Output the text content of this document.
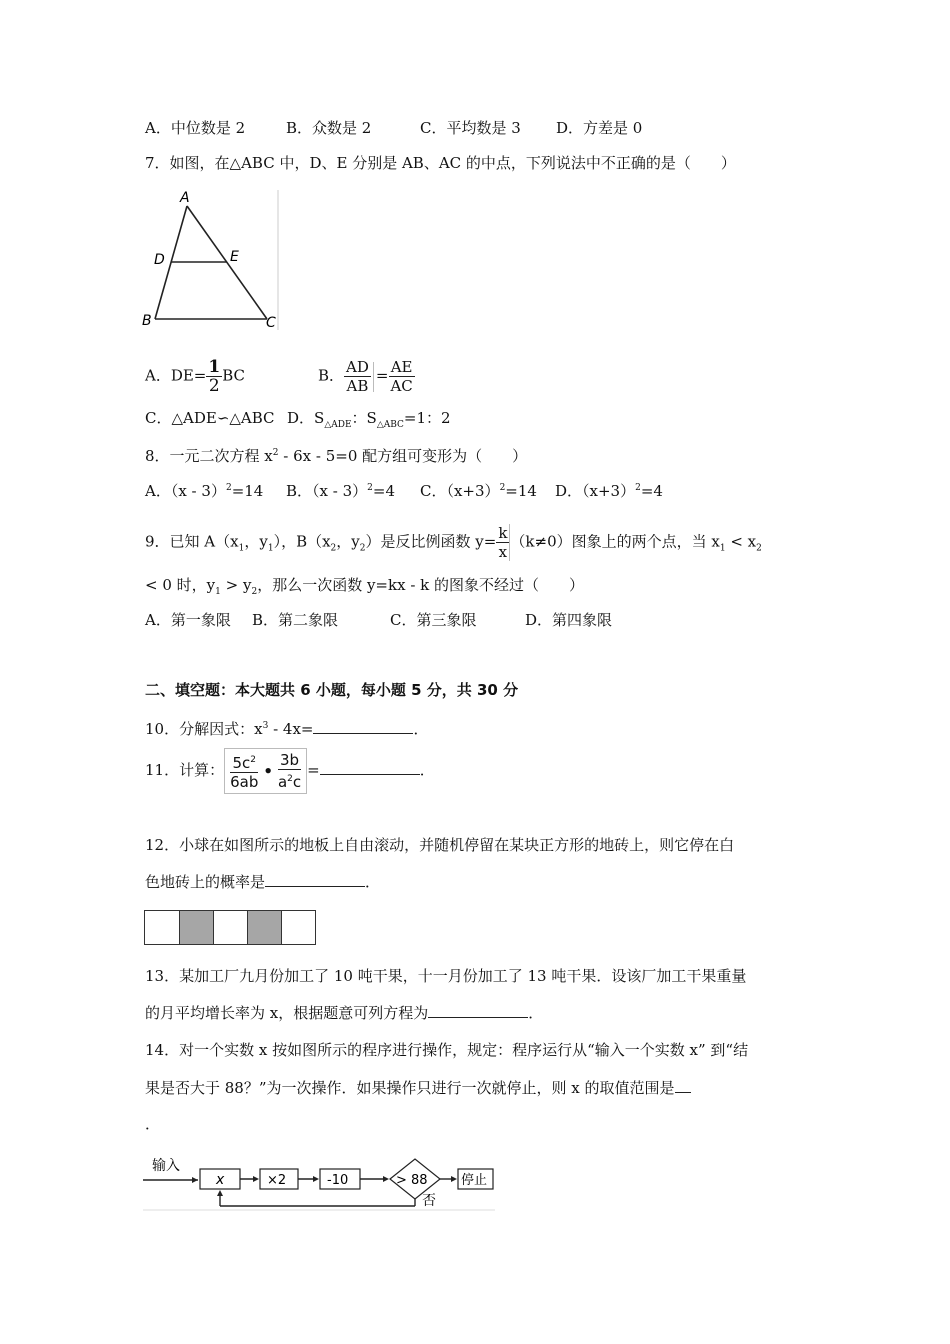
A．中位数是 2	B．众数是 2	C．平均数是 3 D．方差是 0
7．如图，在△ABC 中，D、E 分别是 AB、AC 的中点，下列说法中不正确的是（　　）
A
D	E
B	C
A．$DE= \frac{1}{2}$ BC	B． $\frac{AD}{AB} = \frac{AE}{AC}$
C．△ADE∽△ABC D．$S_{\triangle ADE}$：$S_{\triangle ABC}=1$：2
8．一元二次方程 $x^2 - 6x - 5=0$ 配方组可变形为（　　）
A．（x - 3）$^2$=14 B．（x - 3）$^2$=4 C．$(x+3)^2=14$ D．$(x+3)^2=4$
9．已知 $A(x_1$，$y_1$），$B(x_2$，$y_2$）是反比例函数 $y= \frac{k}{x} (k\ne 0)$图象上的两个点，当 $x_1 < x_2$
< 0 时，$y_1 > y_2$，那么一次函数 y=kx - k 的图象不经过（　　）
A．第一象限 B．第二象限	C．第三象限	D．第四象限
二、填空题：本大题共 6 小题，每小题 5 分，共 30 分
10．分解因式：$x^3 - 4x=$	．
11．计算： $\frac{5c^2}{6ab}$ • $\frac{3b}{a^2c}$ =	．
12．小球在如图所示的地板上自由滚动，并随机停留在某块正方形的地砖上，则它停在白
色地砖上的概率是	．
13．某加工厂九月份加工了 10 吨干果，十一月份加工了 13 吨干果．设该厂加工干果重量
的月平均增长率为 x，根据题意可列方程为	．
14．对一个实数 x 按如图所示的程序进行操作，规定：程序运行从“输入一个实数 x” 到“结
果是否大于 88？”为一次操作．如果操作只进行一次就停止，则 x 的取值范围是
．
输入
x	×2	-10	> 88	停止
否
